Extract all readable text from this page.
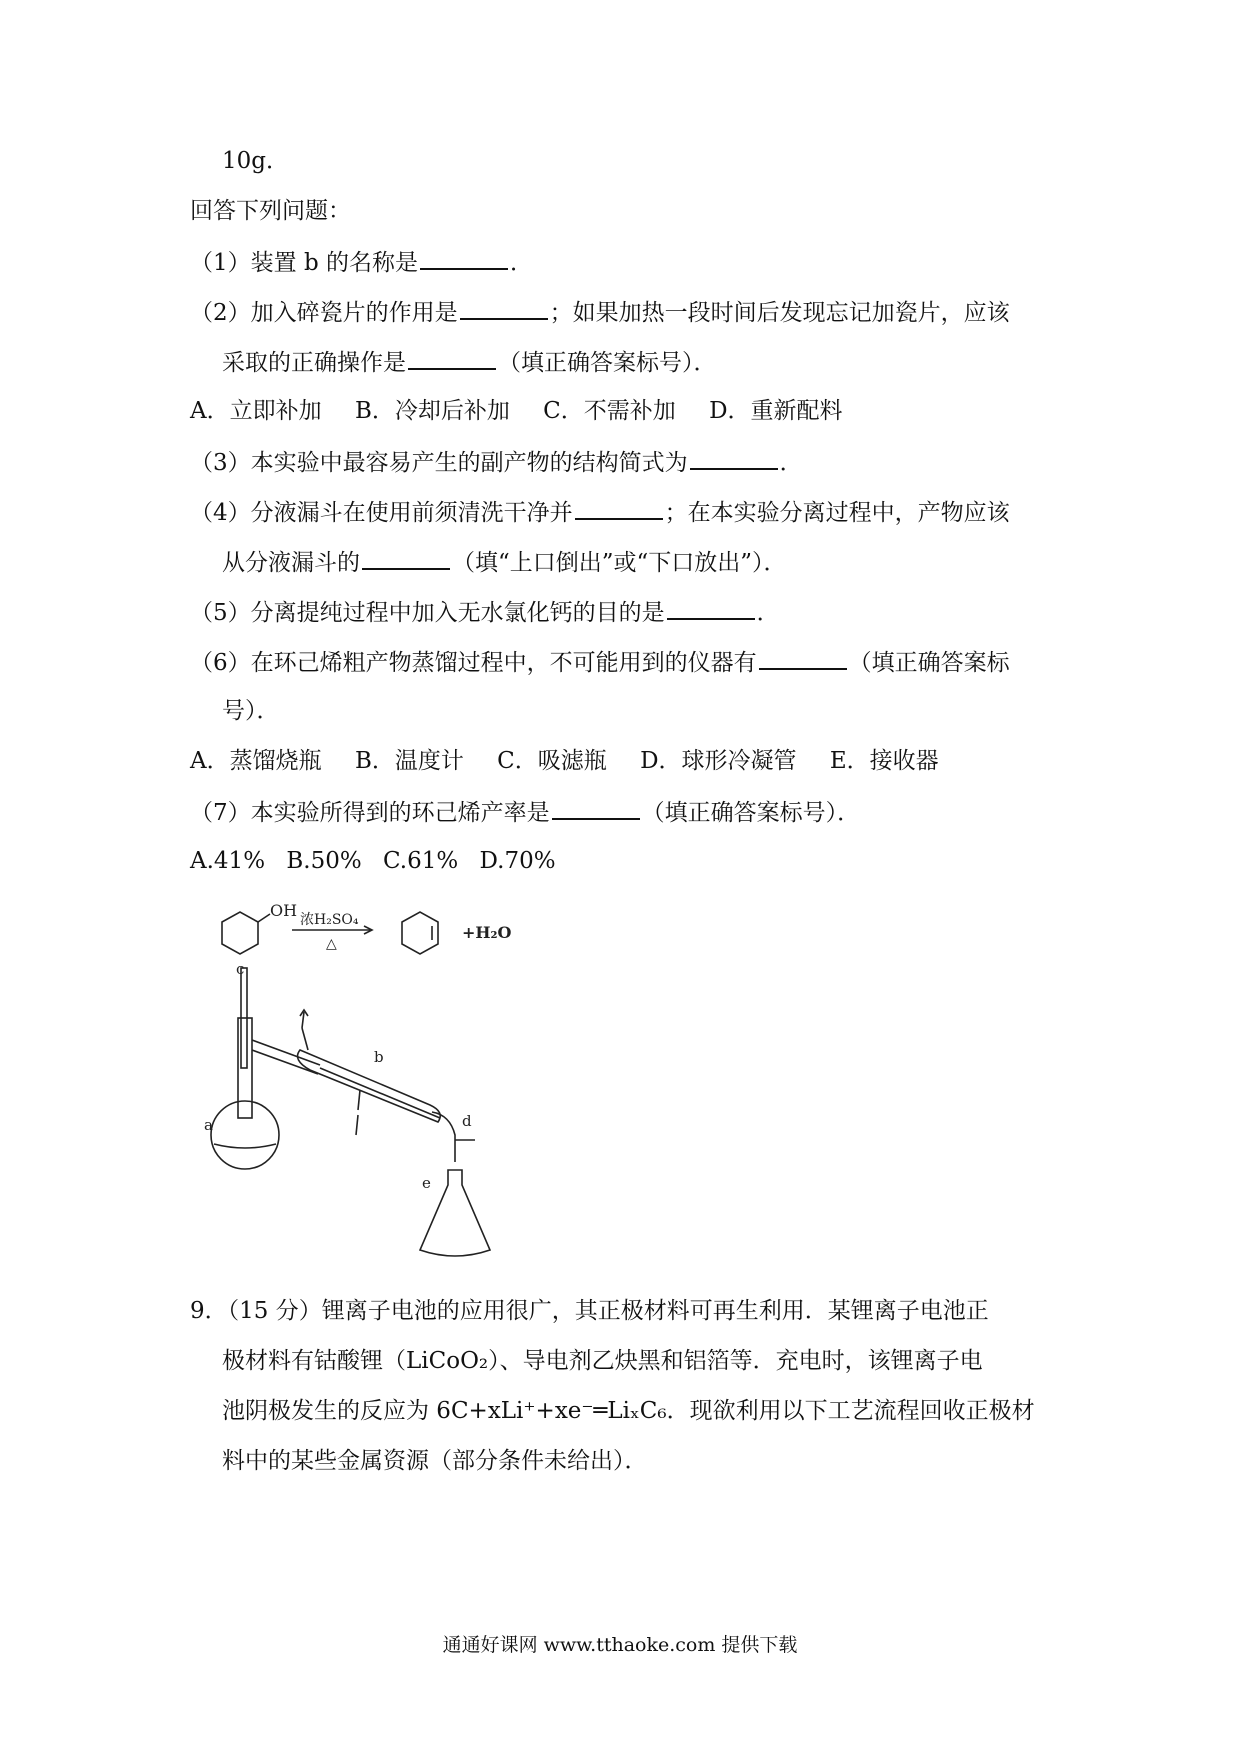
10g．
回答下列问题：
（1）装置 b 的名称是	．
（2）加入碎瓷片的作用是	；如果加热一段时间后发现忘记加瓷片，应该
采取的正确操作是	（填正确答案标号）．
A．立即补加 B．冷却后补加 C．不需补加 D．重新配料
（3）本实验中最容易产生的副产物的结构简式为	．
（4）分液漏斗在使用前须清洗干净并	；在本实验分离过程中，产物应该
从分液漏斗的	（填“上口倒出”或“下口放出”）．
（5）分离提纯过程中加入无水氯化钙的目的是	．
（6）在环己烯粗产物蒸馏过程中，不可能用到的仪器有	（填正确答案标
号）．
A．蒸馏烧瓶 B．温度计 C．吸滤瓶 D．球形冷凝管 E．接收器
（7）本实验所得到的环己烯产率是	（填正确答案标号）．
A.41% B.50% C.61% D.70%
OH 浓H₂SO₄
△
+H₂O
c
a
b
d
e
9．（15 分）锂离子电池的应用很广，其正极材料可再生利用．某锂离子电池正
极材料有钴酸锂（LiCoO₂）、导电剂乙炔黑和铝箔等．充电时，该锂离子电
池阴极发生的反应为 6C+xLi⁺+xe⁻═LiₓC₆．现欲利用以下工艺流程回收正极材
料中的某些金属资源（部分条件未给出）．
通通好课网 www.tthaoke.com 提供下载
